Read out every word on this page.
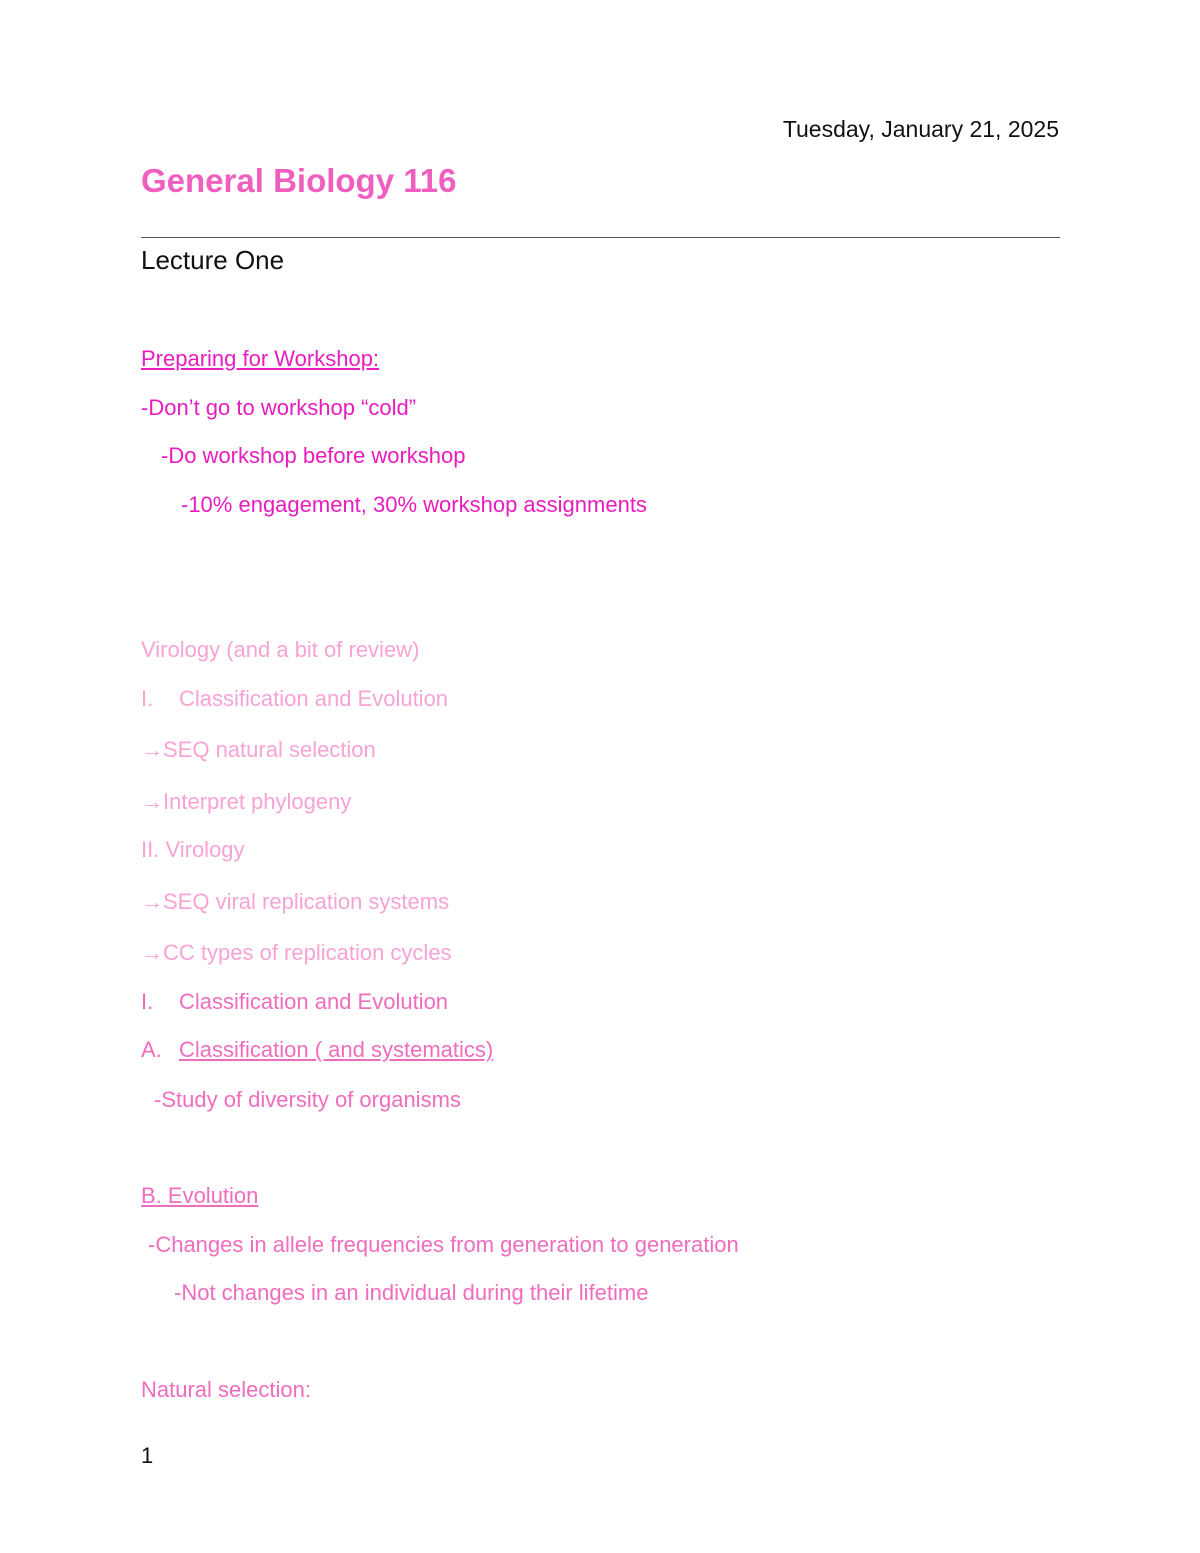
Tuesday, January 21, 2025
General Biology 116
Lecture One
Preparing for Workshop:
-Don’t go to workshop “cold”
-Do workshop before workshop
-10% engagement, 30% workshop assignments
Virology (and a bit of review)
I. Classification and Evolution
→SEQ natural selection
→Interpret phylogeny
II. Virology
→SEQ viral replication systems
→CC types of replication cycles
I. Classification and Evolution
A. Classification ( and systematics)
-Study of diversity of organisms
B. Evolution
-Changes in allele frequencies from generation to generation
-Not changes in an individual during their lifetime
Natural selection:
1
